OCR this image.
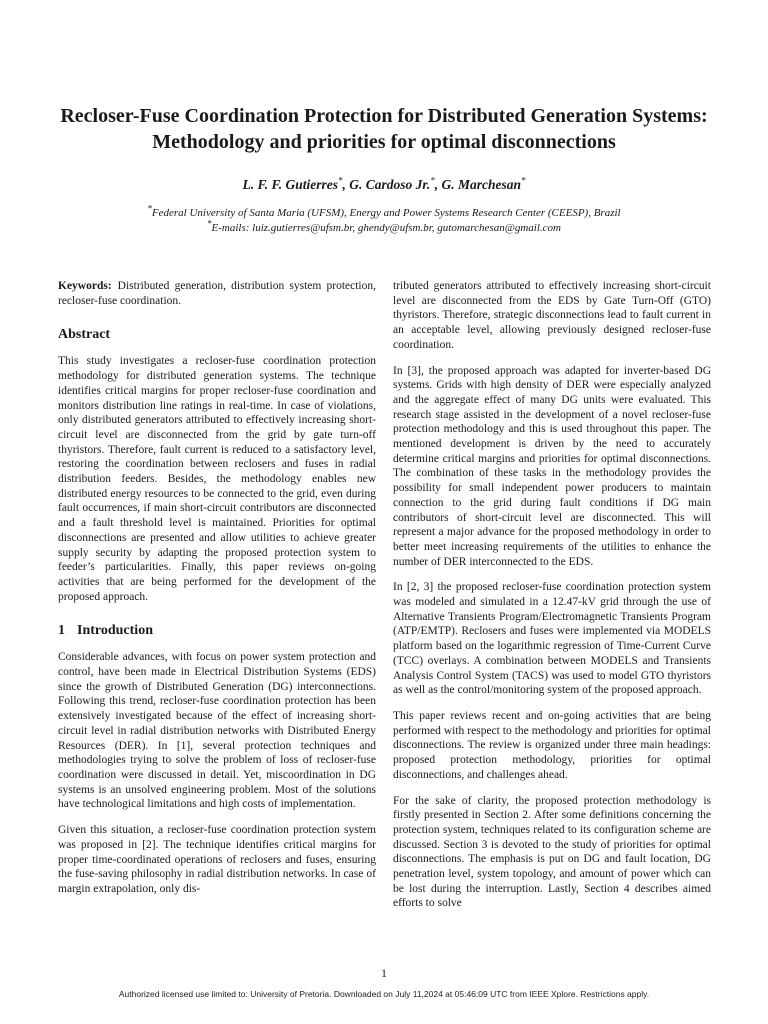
Recloser-Fuse Coordination Protection for Distributed Generation Systems: Methodology and priorities for optimal disconnections
L. F. F. Gutierres*, G. Cardoso Jr.*, G. Marchesan*
*Federal University of Santa Maria (UFSM), Energy and Power Systems Research Center (CEESP), Brazil
*E-mails: luiz.gutierres@ufsm.br, ghendy@ufsm.br, gutomarchesan@gmail.com

Keywords: Distributed generation, distribution system protection, recloser-fuse coordination.

Abstract

This study investigates a recloser-fuse coordination protection methodology for distributed generation systems. The technique identifies critical margins for proper recloser-fuse coordination and monitors distribution line ratings in real-time. In case of violations, only distributed generators attributed to effectively increasing short-circuit level are disconnected from the grid by gate turn-off thyristors. Therefore, fault current is reduced to a satisfactory level, restoring the coordination between reclosers and fuses in radial distribution feeders. Besides, the methodology enables new distributed energy resources to be connected to the grid, even during fault occurrences, if main short-circuit contributors are disconnected and a fault threshold level is maintained. Priorities for optimal disconnections are presented and allow utilities to achieve greater supply security by adapting the proposed protection system to feeder’s particularities. Finally, this paper reviews on-going activities that are being performed for the development of the proposed approach.

1 Introduction

Considerable advances, with focus on power system protection and control, have been made in Electrical Distribution Systems (EDS) since the growth of Distributed Generation (DG) interconnections. Following this trend, recloser-fuse coordination protection has been extensively investigated because of the effect of increasing short-circuit level in radial distribution networks with Distributed Energy Resources (DER). In [1], several protection techniques and methodologies trying to solve the problem of loss of recloser-fuse coordination were discussed in detail. Yet, miscoordination in DG systems is an unsolved engineering problem. Most of the solutions have technological limitations and high costs of implementation.

Given this situation, a recloser-fuse coordination protection system was proposed in [2]. The technique identifies critical margins for proper time-coordinated operations of reclosers and fuses, ensuring the fuse-saving philosophy in radial distribution networks. In case of margin extrapolation, only dis-

tributed generators attributed to effectively increasing short-circuit level are disconnected from the EDS by Gate Turn-Off (GTO) thyristors. Therefore, strategic disconnections lead to fault current in an acceptable level, allowing previously designed recloser-fuse coordination.

In [3], the proposed approach was adapted for inverter-based DG systems. Grids with high density of DER were especially analyzed and the aggregate effect of many DG units were evaluated. This research stage assisted in the development of a novel recloser-fuse protection methodology and this is used throughout this paper. The mentioned development is driven by the need to accurately determine critical margins and priorities for optimal disconnections. The combination of these tasks in the methodology provides the possibility for small independent power producers to maintain connection to the grid during fault conditions if DG main contributors of short-circuit level are disconnected. This will represent a major advance for the proposed methodology in order to better meet increasing requirements of the utilities to enhance the number of DER interconnected to the EDS.

In [2, 3] the proposed recloser-fuse coordination protection system was modeled and simulated in a 12.47-kV grid through the use of Alternative Transients Program/Electromagnetic Transients Program (ATP/EMTP). Reclosers and fuses were implemented via MODELS platform based on the logarithmic regression of Time-Current Curve (TCC) overlays. A combination between MODELS and Transients Analysis Control System (TACS) was used to model GTO thyristors as well as the control/monitoring system of the proposed approach.

This paper reviews recent and on-going activities that are being performed with respect to the methodology and priorities for optimal disconnections. The review is organized under three main headings: proposed protection methodology, priorities for optimal disconnections, and challenges ahead.

For the sake of clarity, the proposed protection methodology is firstly presented in Section 2. After some definitions concerning the protection system, techniques related to its configuration scheme are discussed. Section 3 is devoted to the study of priorities for optimal disconnections. The emphasis is put on DG and fault location, DG penetration level, system topology, and amount of power which can be lost during the interruption. Lastly, Section 4 describes aimed efforts to solve

1
Authorized licensed use limited to: University of Pretoria. Downloaded on July 11,2024 at 05:46:09 UTC from IEEE Xplore. Restrictions apply.
